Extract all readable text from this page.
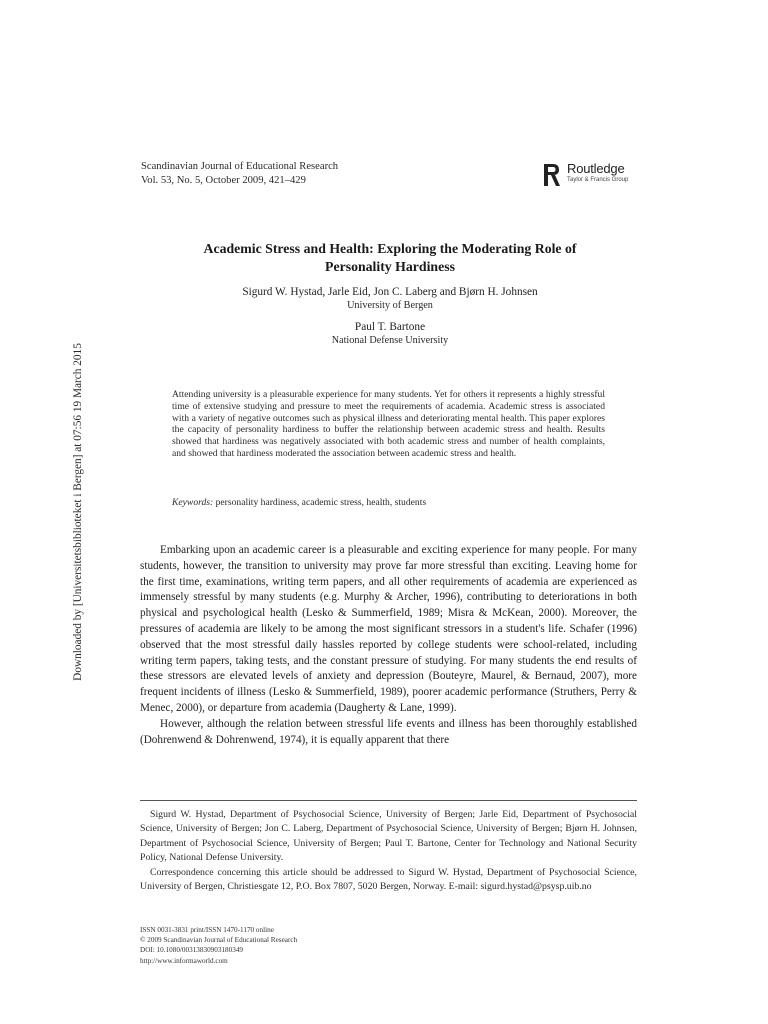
Downloaded by [Universitetsbiblioteket i Bergen] at 07:56 19 March 2015
Scandinavian Journal of Educational Research
Vol. 53, No. 5, October 2009, 421–429
Routledge
Taylor & Francis Group
Academic Stress and Health: Exploring the Moderating Role of
Personality Hardiness
Sigurd W. Hystad, Jarle Eid, Jon C. Laberg and Bjørn H. Johnsen
University of Bergen
Paul T. Bartone
National Defense University
Attending university is a pleasurable experience for many students. Yet for others it represents a highly stressful time of extensive studying and pressure to meet the requirements of academia. Academic stress is associated with a variety of negative outcomes such as physical illness and deteriorating mental health. This paper explores the capacity of personality hardiness to buffer the relationship between academic stress and health. Results showed that hardiness was negatively associated with both academic stress and number of health complaints, and showed that hardiness moderated the association between academic stress and health.
Keywords: personality hardiness, academic stress, health, students

Embarking upon an academic career is a pleasurable and exciting experience for many people. For many students, however, the transition to university may prove far more stressful than exciting. Leaving home for the first time, examinations, writing term papers, and all other requirements of academia are experienced as immensely stressful by many students (e.g. Murphy & Archer, 1996), contributing to deteriorations in both physical and psychological health (Lesko & Summerfield, 1989; Misra & McKean, 2000). Moreover, the pressures of academia are likely to be among the most significant stressors in a student's life. Schafer (1996) observed that the most stressful daily hassles reported by college students were school-related, including writing term papers, taking tests, and the constant pressure of studying. For many students the end results of these stressors are elevated levels of anxiety and depression (Bouteyre, Maurel, & Bernaud, 2007), more frequent incidents of illness (Lesko & Summerfield, 1989), poorer academic performance (Struthers, Perry & Menec, 2000), or departure from academia (Daugherty & Lane, 1999).

However, although the relation between stressful life events and illness has been thoroughly established (Dohrenwend & Dohrenwend, 1974), it is equally apparent that there

Sigurd W. Hystad, Department of Psychosocial Science, University of Bergen; Jarle Eid, Department of Psychosocial Science, University of Bergen; Jon C. Laberg, Department of Psychosocial Science, University of Bergen; Bjørn H. Johnsen, Department of Psychosocial Science, University of Bergen; Paul T. Bartone, Center for Technology and National Security Policy, National Defense University.

Correspondence concerning this article should be addressed to Sigurd W. Hystad, Department of Psychosocial Science, University of Bergen, Christiesgate 12, P.O. Box 7807, 5020 Bergen, Norway. E-mail: sigurd.hystad@psysp.uib.no

ISSN 0031-3831 print/ISSN 1470-1170 online
© 2009 Scandinavian Journal of Educational Research
DOI: 10.1080/00313830903180349
http://www.informaworld.com
